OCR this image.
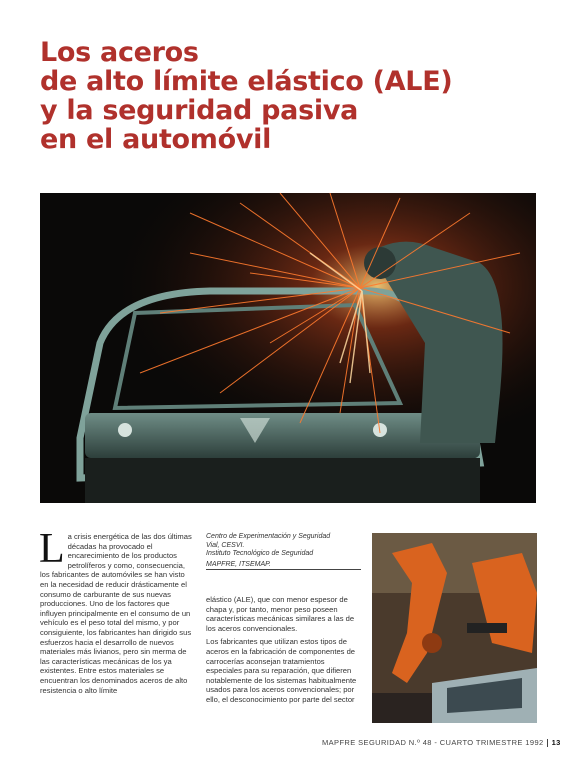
Los aceros
de alto límite elástico (ALE)
y la seguridad pasiva
en el automóvil
L a crisis energética de las dos últimas décadas ha provocado el encarecimiento de los productos petrolíferos y como, consecuencia, los fabricantes de automóviles se han visto en la necesidad de reducir drásticamente el consumo de carburante de sus nuevas producciones. Uno de los factores que influyen principalmente en el consumo de un vehículo es el peso total del mismo, y por consiguiente, los fabricantes han dirigido sus esfuerzos hacia el desarrollo de nuevos materiales más livianos, pero sin merma de las características mecánicas de los ya existentes. Entre estos materiales se encuentran los denominados aceros de alto resistencia o alto límite

Centro de Experimentación y Seguridad
Vial, CESVI.
Instituto Tecnológico de Seguridad
MAPFRE, ITSEMAP.

elástico (ALE), que con menor espesor de chapa y, por tanto, menor peso poseen características mecánicas similares a las de los aceros convencionales.

Los fabricantes que utilizan estos tipos de aceros en la fabricación de componentes de carrocerías aconsejan tratamientos especiales para su reparación, que difieren notablemente de los sistemas habitualmente usados para los aceros convencionales; por ello, el desconocimiento por parte del sector

MAPFRE SEGURIDAD N.º 48 - CUARTO TRIMESTRE 1992 13
